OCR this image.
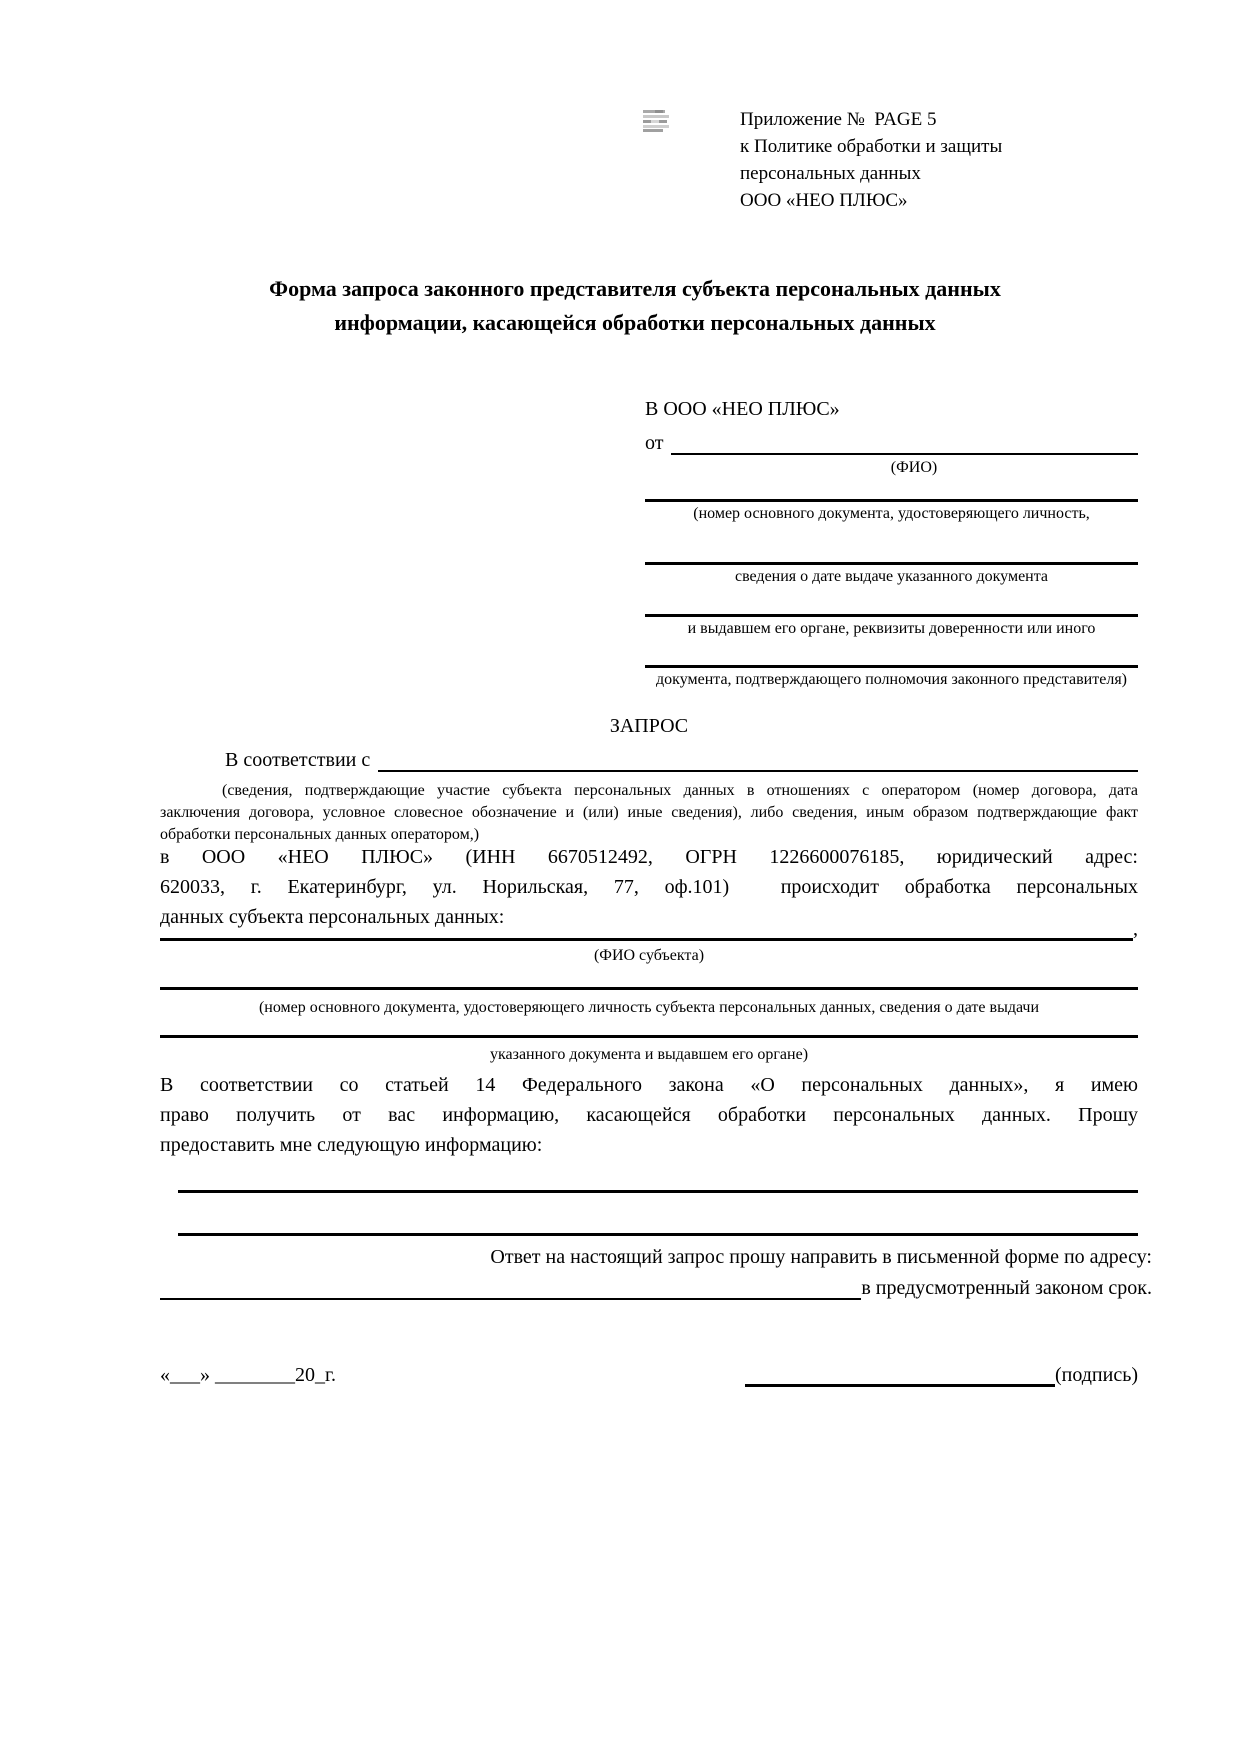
Приложение №  PAGE 5
к Политике обработки и защиты
персональных данных
ООО «НЕО ПЛЮС»
Форма запроса законного представителя субъекта персональных данных
информации, касающейся обработки персональных данных
В ООО «НЕО ПЛЮС»
от
(ФИО)
(номер основного документа, удостоверяющего личность,
сведения о дате выдаче указанного документа
и выдавшем его органе, реквизиты доверенности или иного
документа, подтверждающего полномочия законного представителя)
ЗАПРОС
В соответствии с
(сведения, подтверждающие участие субъекта персональных данных в отношениях с оператором (номер договора, дата
заключения договора, условное словесное обозначение и (или) иные сведения), либо сведения, иным образом подтверждающие факт
обработки персональных данных оператором,)
в ООО «НЕО ПЛЮС» (ИНН 6670512492, ОГРН 1226600076185, юридический адрес:
620033, г. Екатеринбург, ул. Норильская, 77, оф.101)  происходит обработка персональных
данных субъекта персональных данных:
,
(ФИО субъекта)
(номер основного документа, удостоверяющего личность субъекта персональных данных, сведения о дате выдачи
указанного документа и выдавшем его органе)
В соответствии со статьей 14 Федерального закона «О персональных данных», я имею
право получить от вас информацию, касающейся обработки персональных данных. Прошу
предоставить мне следующую информацию:
Ответ на настоящий запрос прошу направить в письменной форме по адресу:
в предусмотренный законом срок.
«___» ________20_г.	(подпись)
